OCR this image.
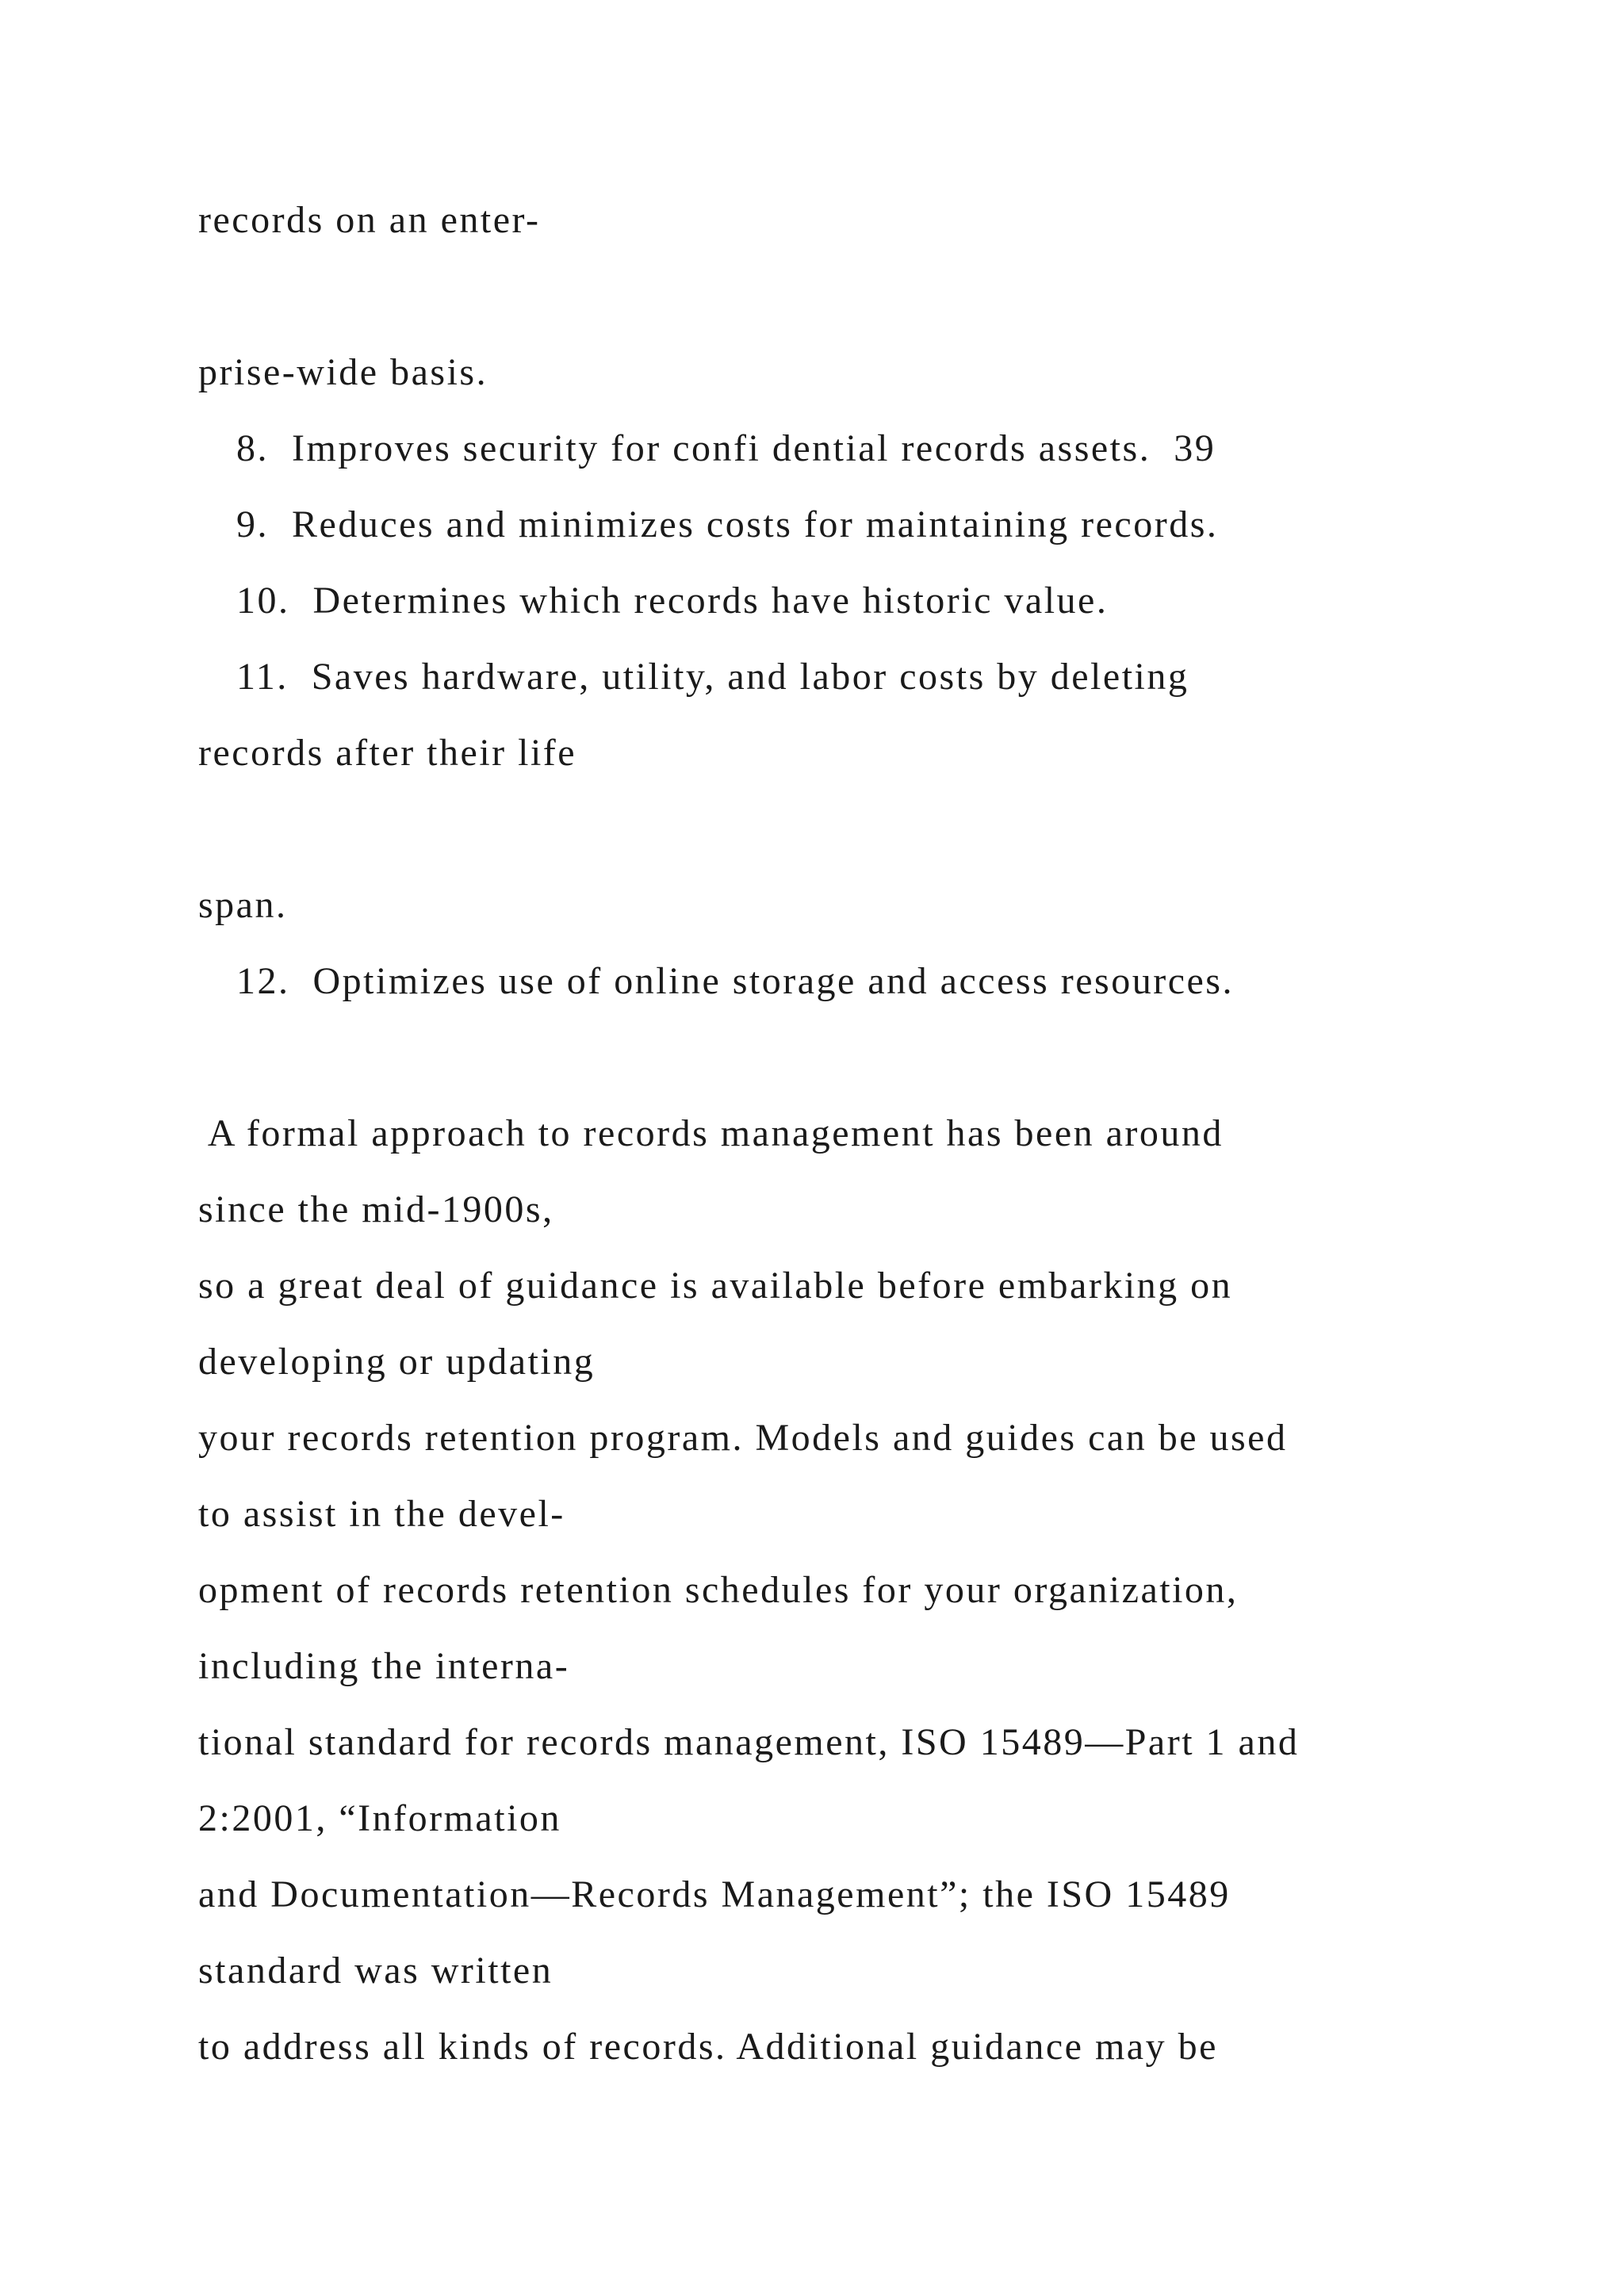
records on an enter-
prise-wide basis.
8.  Improves security for confi dential records assets.  39
9.  Reduces and minimizes costs for maintaining records.
10.  Determines which records have historic value.
11.  Saves hardware, utility, and labor costs by deleting
records after their life
span.
12.  Optimizes use of online storage and access resources.
A formal approach to records management has been around
since the mid-1900s,
so a great deal of guidance is available before embarking on
developing or updating
your records retention program. Models and guides can be used
to assist in the devel-
opment of records retention schedules for your organization,
including the interna-
tional standard for records management, ISO 15489—Part 1 and
2:2001, “Information
and Documentation—Records Management”; the ISO 15489
standard was written
to address all kinds of records. Additional guidance may be
